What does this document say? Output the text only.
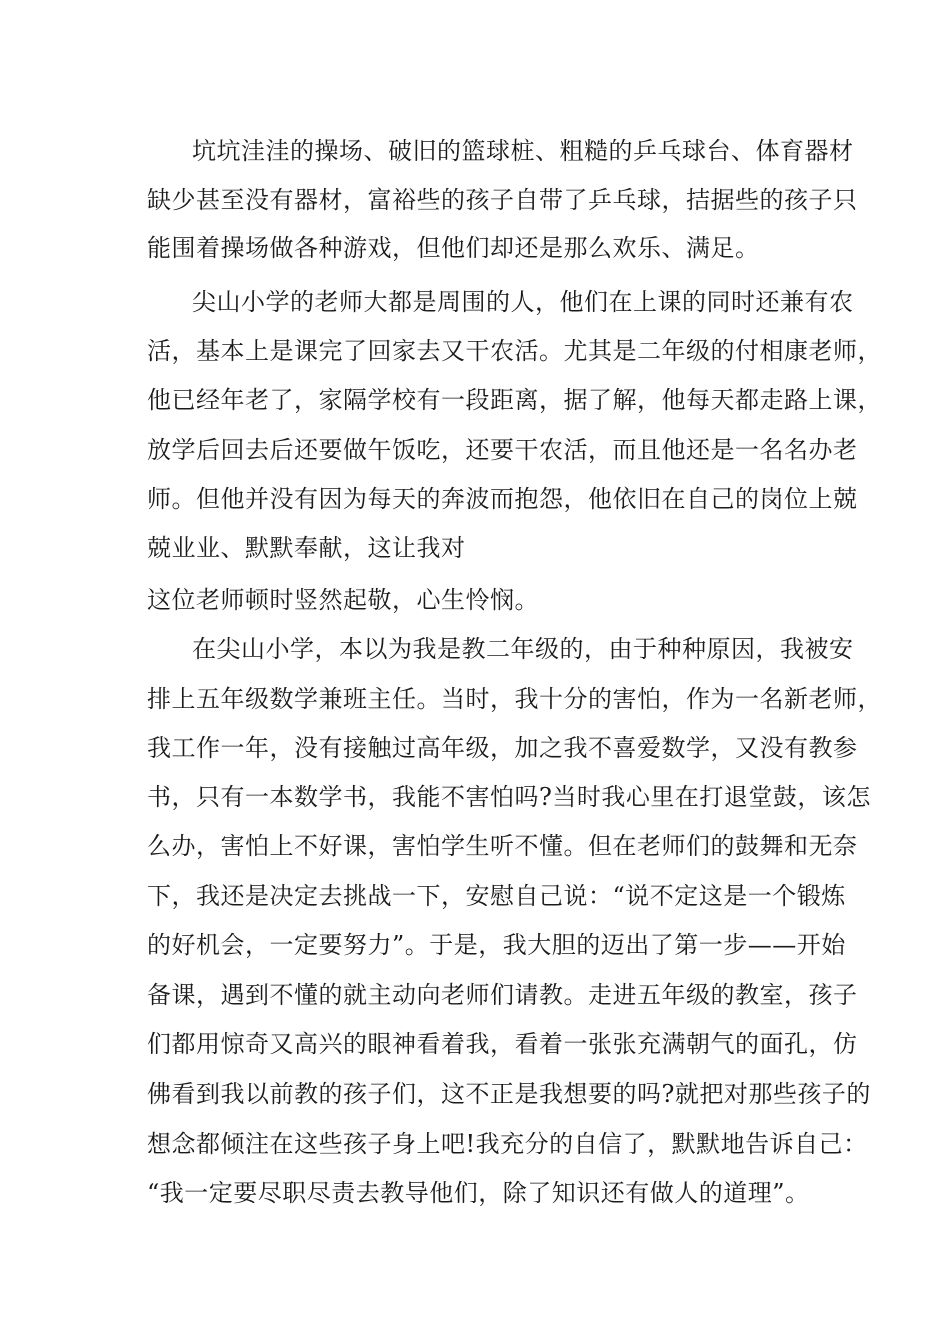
坑坑洼洼的操场、破旧的篮球桩、粗糙的乒乓球台、体育器材
缺少甚至没有器材，富裕些的孩子自带了乒乓球，拮据些的孩子只
能围着操场做各种游戏，但他们却还是那么欢乐、满足。
尖山小学的老师大都是周围的人，他们在上课的同时还兼有农
活，基本上是课完了回家去又干农活。尤其是二年级的付相康老师，
他已经年老了，家隔学校有一段距离，据了解，他每天都走路上课，
放学后回去后还要做午饭吃，还要干农活，而且他还是一名名办老
师。但他并没有因为每天的奔波而抱怨，他依旧在自己的岗位上兢
兢业业、默默奉献，这让我对
这位老师顿时竖然起敬，心生怜悯。
在尖山小学，本以为我是教二年级的，由于种种原因，我被安
排上五年级数学兼班主任。当时，我十分的害怕，作为一名新老师，
我工作一年，没有接触过高年级，加之我不喜爱数学，又没有教参
书，只有一本数学书，我能不害怕吗?当时我心里在打退堂鼓，该怎
么办，害怕上不好课，害怕学生听不懂。但在老师们的鼓舞和无奈
下，我还是决定去挑战一下，安慰自己说：“说不定这是一个锻炼
的好机会，一定要努力”。于是，我大胆的迈出了第一步——开始
备课，遇到不懂的就主动向老师们请教。走进五年级的教室，孩子
们都用惊奇又高兴的眼神看着我，看着一张张充满朝气的面孔，仿
佛看到我以前教的孩子们，这不正是我想要的吗?就把对那些孩子的
想念都倾注在这些孩子身上吧!我充分的自信了，默默地告诉自己：
“我一定要尽职尽责去教导他们，除了知识还有做人的道理”。
